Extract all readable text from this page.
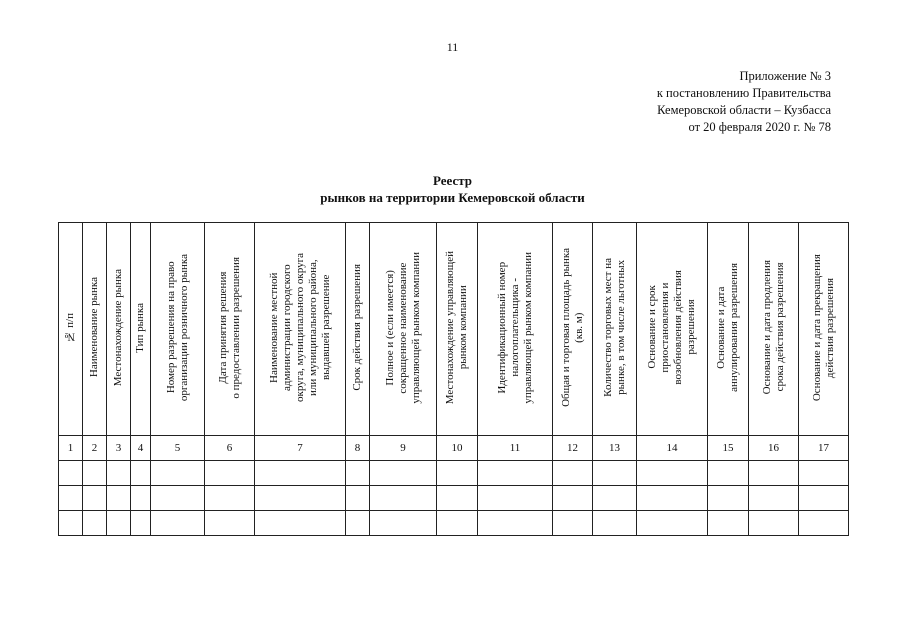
11
Приложение № 3
к постановлению Правительства
Кемеровской области – Кузбасса
от 20 февраля 2020 г. № 78
Реестр
рынков на территории Кемеровской области
№ п/п	Наименование рынка	Местонахождение рынка	Тип рынка	Номер разрешения на право
организации розничного рынка	Дата принятия решения
о предоставлении разрешения	Наименование местной
администрации городского
округа, муниципального округа
или муниципального района,
выдавшей разрешение	Срок действия разрешения	Полное и (если имеется)
сокращенное наименование
управляющей рынком компании	Местонахождение управляющей
рынком компании	Идентификационный номер
налогоплательщика -
управляющей рынком компании	Общая и торговая площадь рынка
(кв. м)	Количество торговых мест на
рынке, в том числе льготных	Основание и срок
приостановления и
возобновления действия
разрешения	Основание и дата
аннулирования разрешения	Основание и дата продления
срока действия разрешения	Основание и дата прекращения
действия разрешения
1	2	3	4	5	6	7	8	9	10	11	12	13	14	15	16	17
